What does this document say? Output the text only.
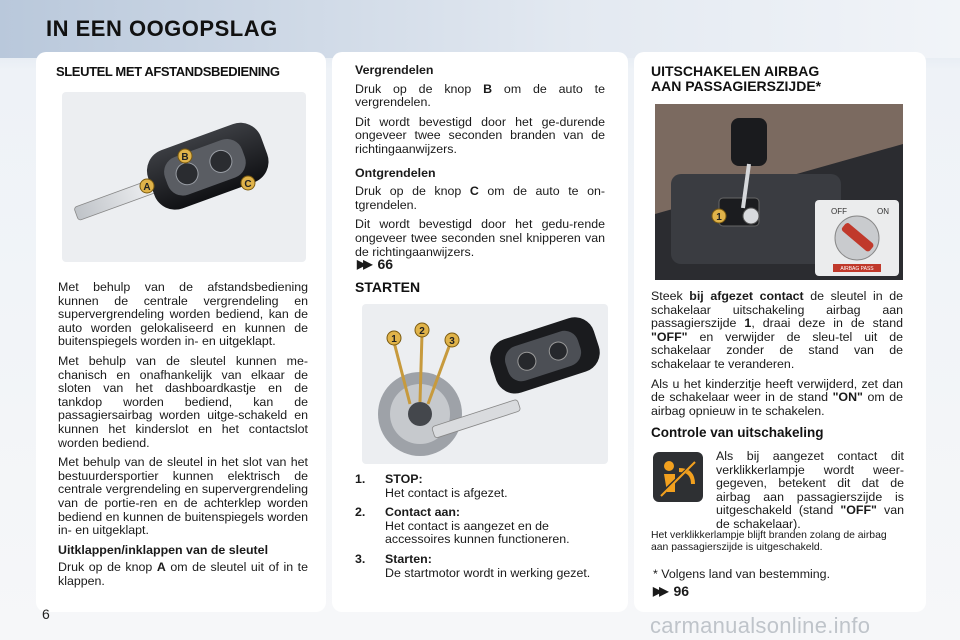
IN EEN OOGOPSLAG
SLEUTEL MET AFSTANDSBEDIENING
B
A	C

Met behulp van de afstandsbediening kunnen de centrale vergrendeling en supervergrendeling worden bediend, kan de auto worden gelokaliseerd en kunnen de buitenspiegels worden in- en uitgeklapt.

Met behulp van de sleutel kunnen me-chanisch en onafhankelijk van elkaar de sloten van het dashboardkastje en de tankdop worden bediend, kan de passagiersairbag worden uitge-schakeld en kunnen het kinderslot en het contactslot worden bediend.

Met behulp van de sleutel in het slot van het bestuurdersportier kunnen elektrisch de centrale vergrendeling en supervergrendeling van de portie-ren en de achterklep worden bediend en kunnen de buitenspiegels worden in- en uitgeklapt.

Uitklappen/inklappen van de sleutel

Druk op de knop A om de sleutel uit of in te klappen.

Vergrendelen

Druk op de knop B om de auto te vergrendelen.

Dit wordt bevestigd door het ge-durende ongeveer twee seconden branden van de richtingaanwijzers.

Ontgrendelen

Druk op de knop C om de auto te on-tgrendelen.

Dit wordt bevestigd door het gedu-rende ongeveer twee seconden snel knipperen van de richtingaanwijzers.

▶▶ 66
STARTEN
1
2
3
1. STOP:
Het contact is afgezet.
2. Contact aan:
Het contact is aangezet en de accessoires kunnen functioneren.
3. Starten:
De startmotor wordt in werking gezet.
UITSCHAKELEN AIRBAG
AAN PASSAGIERSZIJDE*
1
OFF	ON
AIRBAG PASS

Steek bij afgezet contact de sleutel in de schakelaar uitschakeling airbag aan passagierszijde 1, draai deze in de stand "OFF" en verwijder de sleu-tel uit de schakelaar zonder de stand van de schakelaar te veranderen.

Als u het kinderzitje heeft verwijderd, zet dan de schakelaar weer in de stand "ON" om de airbag opnieuw in te schakelen.

Controle van uitschakeling

Als bij aangezet contact dit verklikkerlampje wordt weer-gegeven, betekent dit dat de airbag aan passagierszijde is uitgeschakeld (stand "OFF" van de schakelaar).

Het verklikkerlampje blijft branden zolang de airbag aan passagierszijde is uitgeschakeld.
* Volgens land van bestemming.
▶▶ 96
6	carmanualsonline.info
